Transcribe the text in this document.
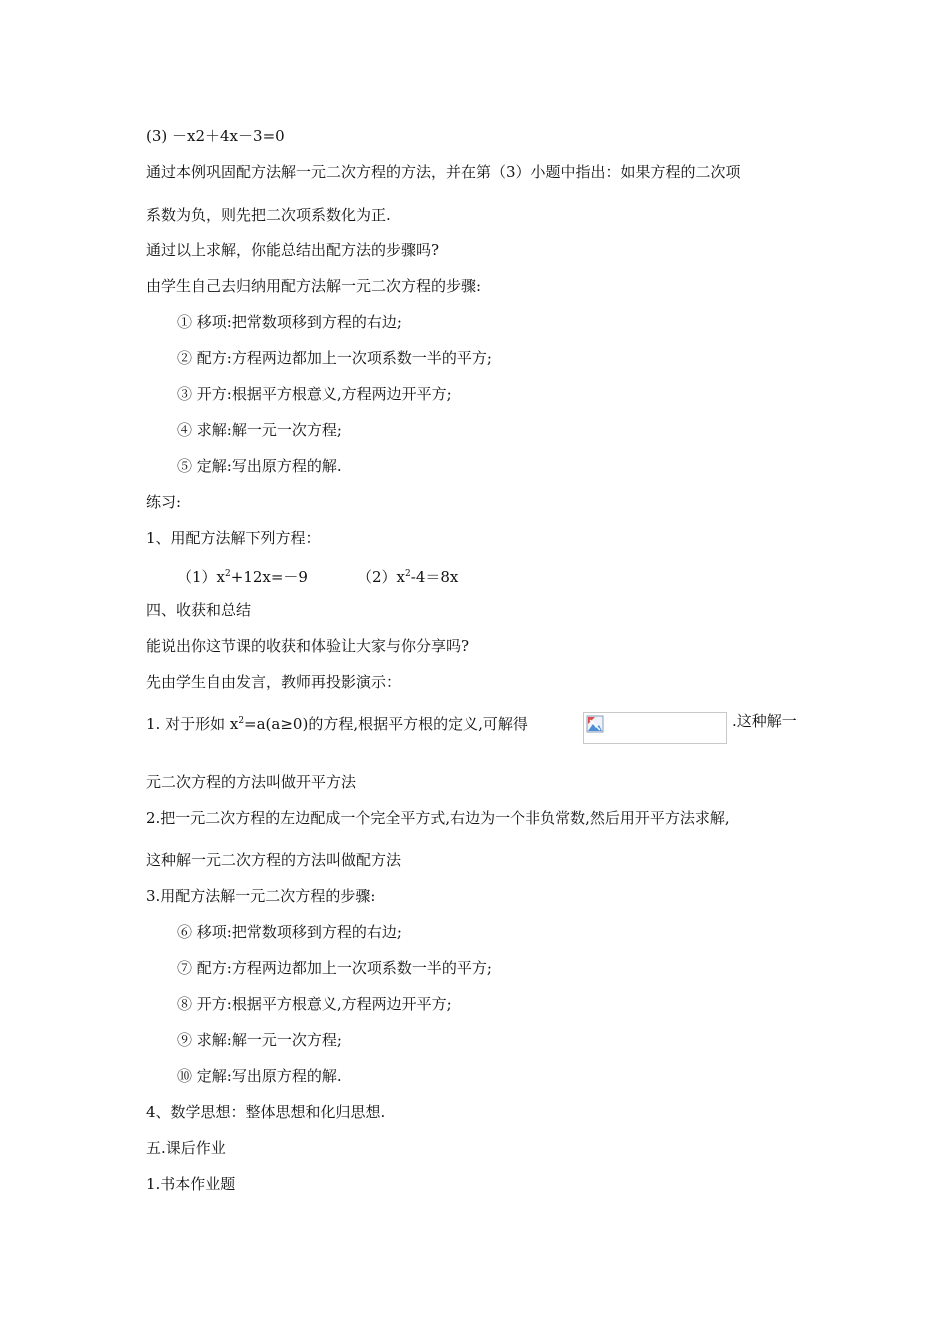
(3) －x2＋4x－3=0
通过本例巩固配方法解一元二次方程的方法，并在第（3）小题中指出：如果方程的二次项
系数为负，则先把二次项系数化为正.
通过以上求解，你能总结出配方法的步骤吗?
由学生自己去归纳用配方法解一元二次方程的步骤:
① 移项:把常数项移到方程的右边;
② 配方:方程两边都加上一次项系数一半的平方;
③ 开方:根据平方根意义,方程两边开平方;
④ 求解:解一元一次方程;
⑤ 定解:写出原方程的解.
练习:
1、用配方法解下列方程：
$(1)x^2+12x=-9$	$(2)x^2-4=8x$
四、收获和总结
能说出你这节课的收获和体验让大家与你分享吗?
先由学生自由发言，教师再投影演示：
1. 对于形如 $x^2=a(a\ge 0)$的方程,根据平方根的定义,可解得	.这种解一
元二次方程的方法叫做开平方法
2.把一元二次方程的左边配成一个完全平方式,右边为一个非负常数,然后用开平方法求解,
这种解一元二次方程的方法叫做配方法
3.用配方法解一元二次方程的步骤:
⑥ 移项:把常数项移到方程的右边;
⑦ 配方:方程两边都加上一次项系数一半的平方;
⑧ 开方:根据平方根意义,方程两边开平方;
⑨ 求解:解一元一次方程;
⑩ 定解:写出原方程的解.
4、数学思想：整体思想和化归思想.
五.课后作业
1.书本作业题
